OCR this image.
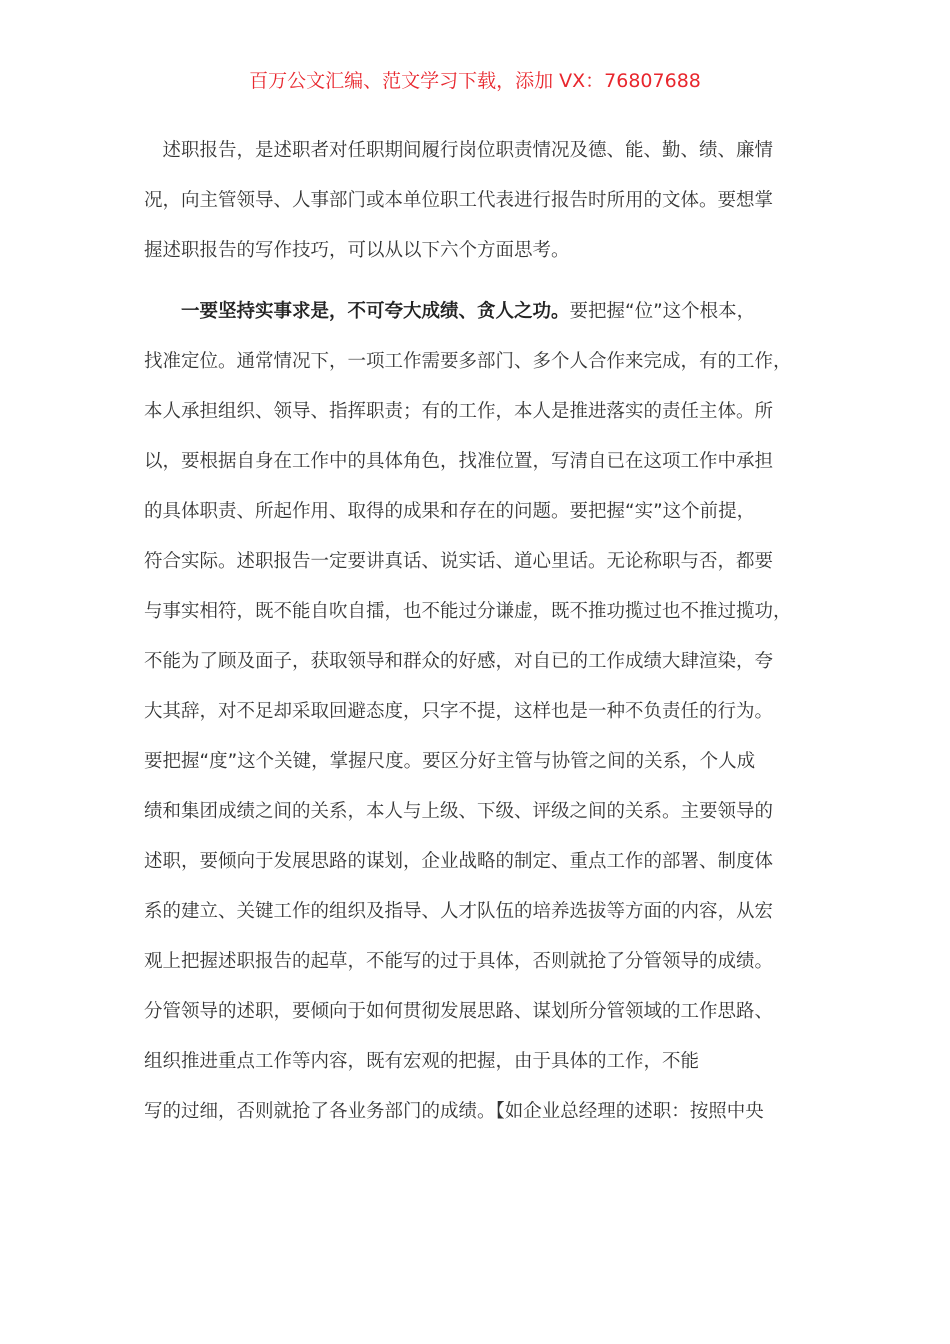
百万公文汇编、范文学习下载，添加 VX：76807688
　述职报告，是述职者对任职期间履行岗位职责情况及德、能、勤、绩、廉情
况，向主管领导、人事部门或本单位职工代表进行报告时所用的文体。要想掌
握述职报告的写作技巧，可以从以下六个方面思考。
　　一要坚持实事求是，不可夸大成绩、贪人之功。要把握“位”这个根本，
找准定位。通常情况下，一项工作需要多部门、多个人合作来完成，有的工作，
本人承担组织、领导、指挥职责；有的工作，本人是推进落实的责任主体。所
以，要根据自身在工作中的具体角色，找准位置，写清自已在这项工作中承担
的具体职责、所起作用、取得的成果和存在的问题。要把握“实”这个前提，
符合实际。述职报告一定要讲真话、说实话、道心里话。无论称职与否，都要
与事实相符，既不能自吹自擂，也不能过分谦虚，既不推功揽过也不推过揽功，
不能为了顾及面子，获取领导和群众的好感，对自已的工作成绩大肆渲染，夸
大其辞，对不足却采取回避态度，只字不提，这样也是一种不负责任的行为。
要把握“度”这个关键，掌握尺度。要区分好主管与协管之间的关系，个人成
绩和集团成绩之间的关系，本人与上级、下级、评级之间的关系。主要领导的
述职，要倾向于发展思路的谋划，企业战略的制定、重点工作的部署、制度体
系的建立、关键工作的组织及指导、人才队伍的培养选拔等方面的内容，从宏
观上把握述职报告的起草，不能写的过于具体，否则就抢了分管领导的成绩。
分管领导的述职，要倾向于如何贯彻发展思路、谋划所分管领域的工作思路、
组织推进重点工作等内容，既有宏观的把握，由于具体的工作，不能
写的过细，否则就抢了各业务部门的成绩。【如企业总经理的述职：按照中央
